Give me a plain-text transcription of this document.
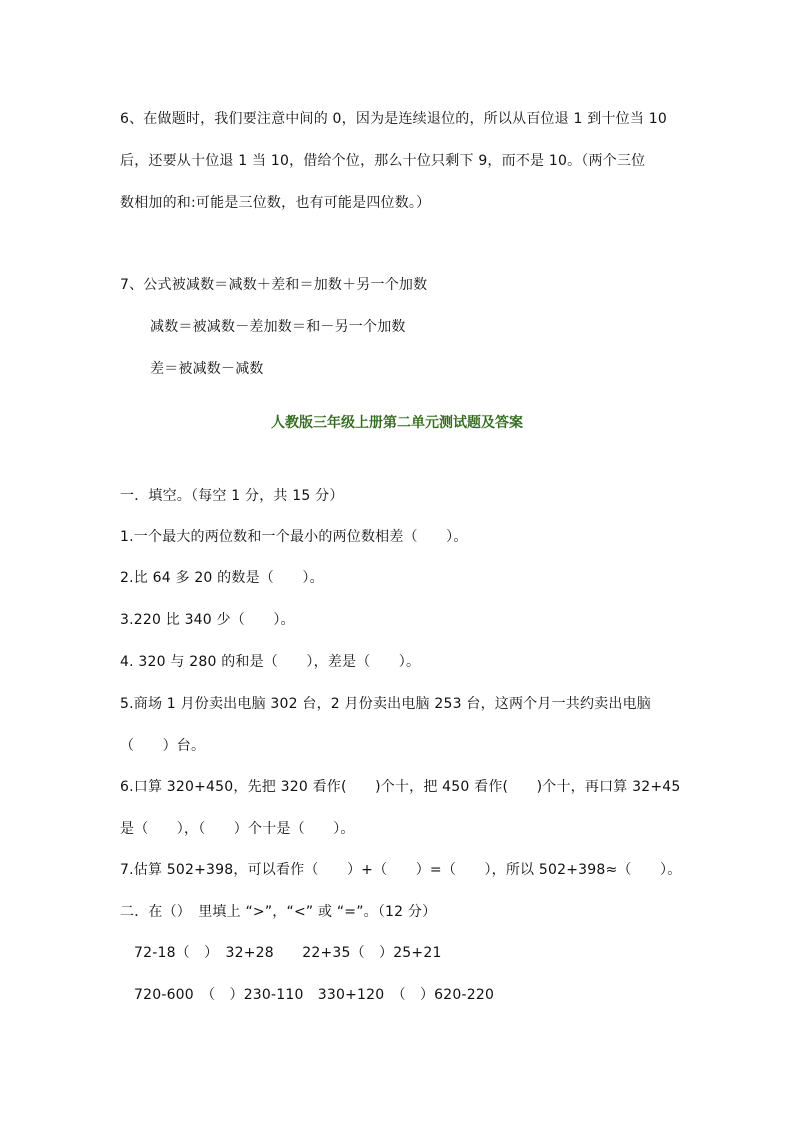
6、在做题时，我们要注意中间的 0，因为是连续退位的，所以从百位退 1 到十位当 10
后，还要从十位退 1 当 10，借给个位，那么十位只剩下 9，而不是 10。（两个三位
数相加的和:可能是三位数，也有可能是四位数。）
7、公式被减数＝减数＋差和＝加数＋另一个加数
减数＝被减数－差加数＝和－另一个加数
差＝被减数－减数
人教版三年级上册第二单元测试题及答案
一．填空。（每空 1 分，共 15 分）
1.一个最大的两位数和一个最小的两位数相差（　　）。
2.比 64 多 20 的数是（　　）。
3.220 比 340 少（　　）。
4. 320 与 280 的和是（　　），差是（　　）。
5.商场 1 月份卖出电脑 302 台，2 月份卖出电脑 253 台，这两个月一共约卖出电脑
（　　）台。
6.口算 320+450，先把 320 看作(　　)个十，把 450 看作(　　)个十，再口算 32+45
是（　　），（　　）个十是（　　）。
7.估算 502+398，可以看作（　　）+（　　）=（　　），所以 502+398≈（　　）。
二．在（）　里填上 “>”，“<” 或 “=”。（12 分）
72-18（　）　32+28　　22+35（　）25+21
720-600　（　）230-110　330+120　（　）620-220
